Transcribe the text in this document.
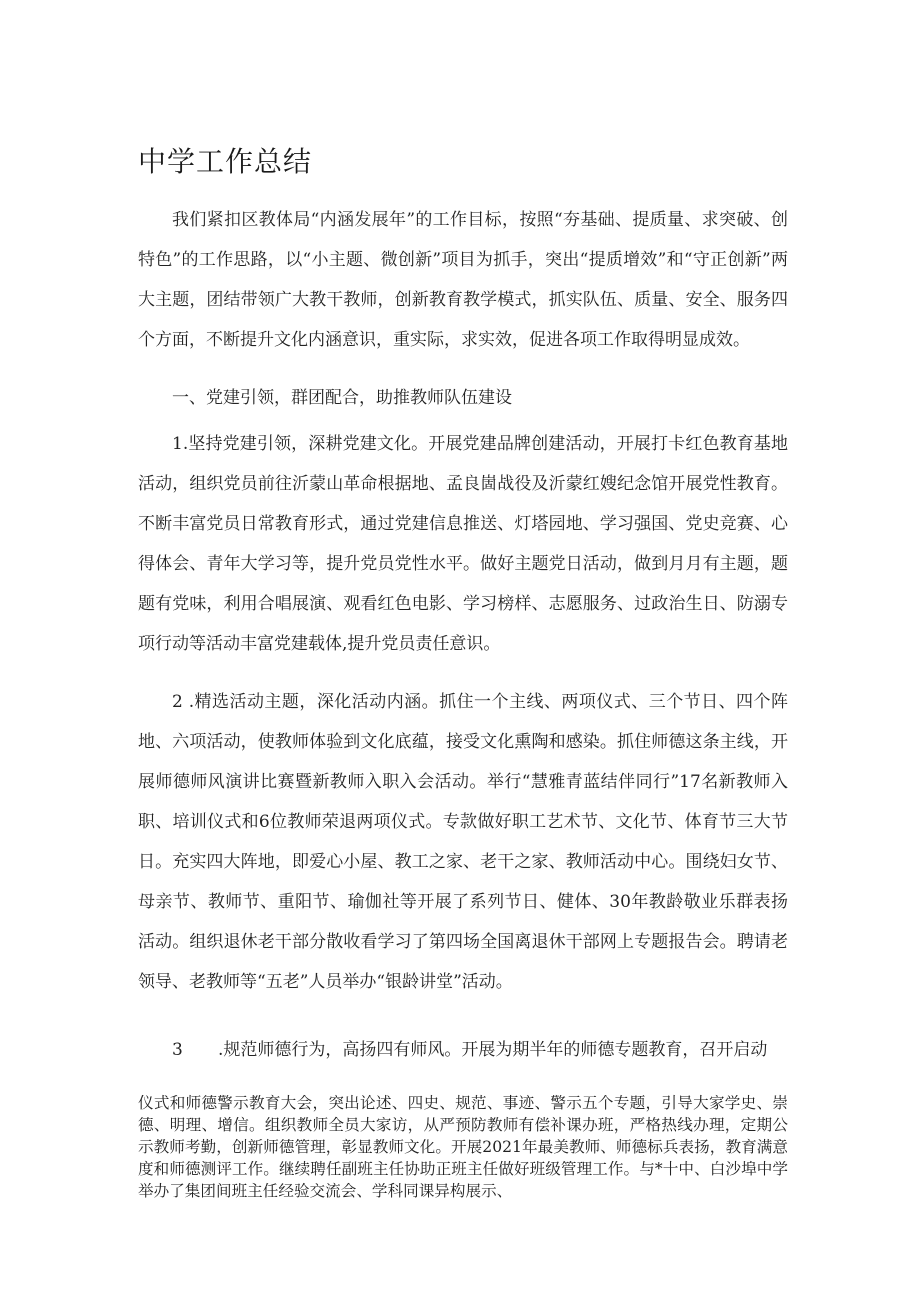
中学工作总结

我们紧扣区教体局“内涵发展年”的工作目标，按照“夯基础、提质量、求突破、创特色”的工作思路，以“小主题、微创新”项目为抓手，突出“提质增效”和“守正创新”两大主题，团结带领广大教干教师，创新教育教学模式，抓实队伍、质量、安全、服务四个方面，不断提升文化内涵意识，重实际，求实效，促进各项工作取得明显成效。

一、党建引领，群团配合，助推教师队伍建设

1.坚持党建引领，深耕党建文化。开展党建品牌创建活动，开展打卡红色教育基地活动，组织党员前往沂蒙山革命根据地、孟良崮战役及沂蒙红嫂纪念馆开展党性教育。不断丰富党员日常教育形式，通过党建信息推送、灯塔园地、学习强国、党史竞赛、心得体会、青年大学习等，提升党员党性水平。做好主题党日活动，做到月月有主题，题题有党味，利用合唱展演、观看红色电影、学习榜样、志愿服务、过政治生日、防溺专项行动等活动丰富党建载体,提升党员责任意识。

2 .精选活动主题，深化活动内涵。抓住一个主线、两项仪式、三个节日、四个阵地、六项活动，使教师体验到文化底蕴，接受文化熏陶和感染。抓住师德这条主线，开展师德师风演讲比赛暨新教师入职入会活动。举行“慧雅青蓝结伴同行”17名新教师入职、培训仪式和6位教师荣退两项仪式。专款做好职工艺术节、文化节、体育节三大节日。充实四大阵地，即爱心小屋、教工之家、老干之家、教师活动中心。围绕妇女节、母亲节、教师节、重阳节、瑜伽社等开展了系列节日、健体、30年教龄敬业乐群表扬活动。组织退休老干部分散收看学习了第四场全国离退休干部网上专题报告会。聘请老领导、老教师等“五老”人员举办“银龄讲堂”活动。

3 .规范师德行为，高扬四有师风。开展为期半年的师德专题教育，召开启动

仪式和师德警示教育大会，突出论述、四史、规范、事迹、警示五个专题，引导大家学史、崇德、明理、增信。组织教师全员大家访，从严预防教师有偿补课办班，严格热线办理，定期公示教师考勤，创新师德管理，彰显教师文化。开展2021年最美教师、师德标兵表扬，教育满意度和师德测评工作。继续聘任副班主任协助正班主任做好班级管理工作。与*十中、白沙埠中学举办了集团间班主任经验交流会、学科同课异构展示、
